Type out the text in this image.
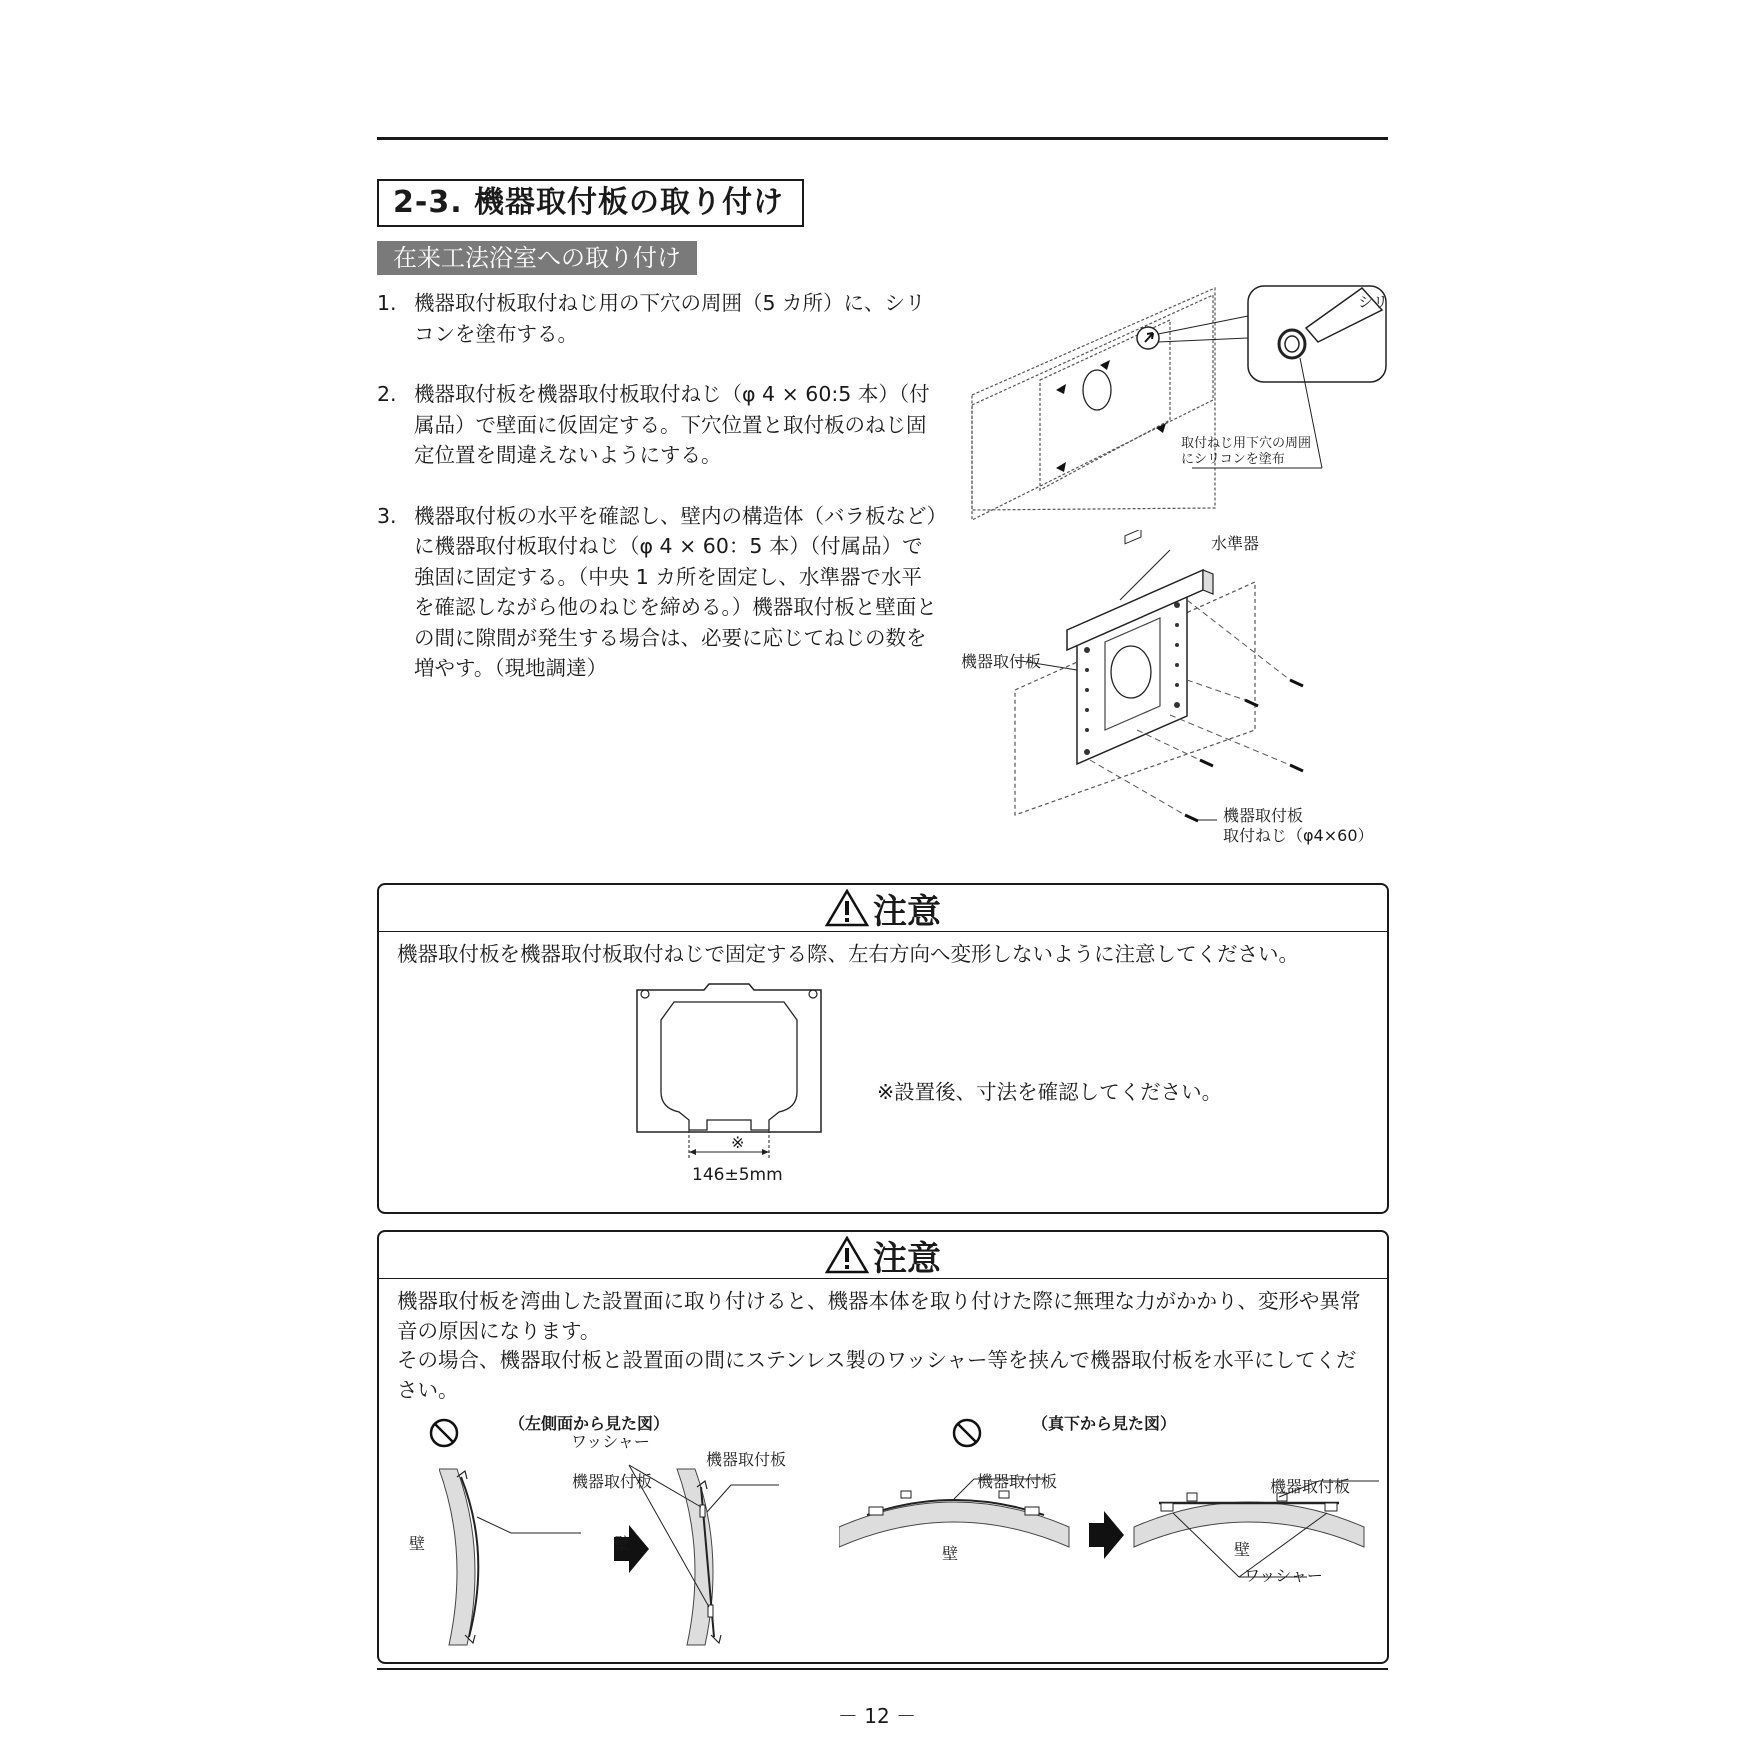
2-3. 機器取付板の取り付け
在来工法浴室への取り付け
1. 機器取付板取付ねじ用の下穴の周囲（5 カ所）に、シリコンを塗布する。
2. 機器取付板を機器取付板取付ねじ（φ 4 × 60:5 本）（付属品）で壁面に仮固定する。下穴位置と取付板のねじ固定位置を間違えないようにする。
3. 機器取付板の水平を確認し、壁内の構造体（バラ板など）に機器取付板取付ねじ（φ 4 × 60：5 本）（付属品）で強固に固定する。（中央 1 カ所を固定し、水準器で水平を確認しながら他のねじを締める。）機器取付板と壁面との間に隙間が発生する場合は、必要に応じてねじの数を増やす。（現地調達）
シリ
取付ねじ用下穴の周囲
にシリコンを塗布
水準器
機器取付板
機器取付板
取付ねじ（φ4×60）
注意
機器取付板を機器取付板取付ねじで固定する際、左右方向へ変形しないように注意してください。
※
146±5mm
※設置後、寸法を確認してください。
注意
機器取付板を湾曲した設置面に取り付けると、機器本体を取り付けた際に無理な力がかかり、変形や異常音の原因になります。
その場合、機器取付板と設置面の間にステンレス製のワッシャー等を挟んで機器取付板を水平にしてください。
（左側面から見た図）
機器取付板
壁
ワッシャー
機器取付板
壁
（真下から見た図）
機器取付板
壁
機器取付板
壁
ワッシャー
－ 12 －
